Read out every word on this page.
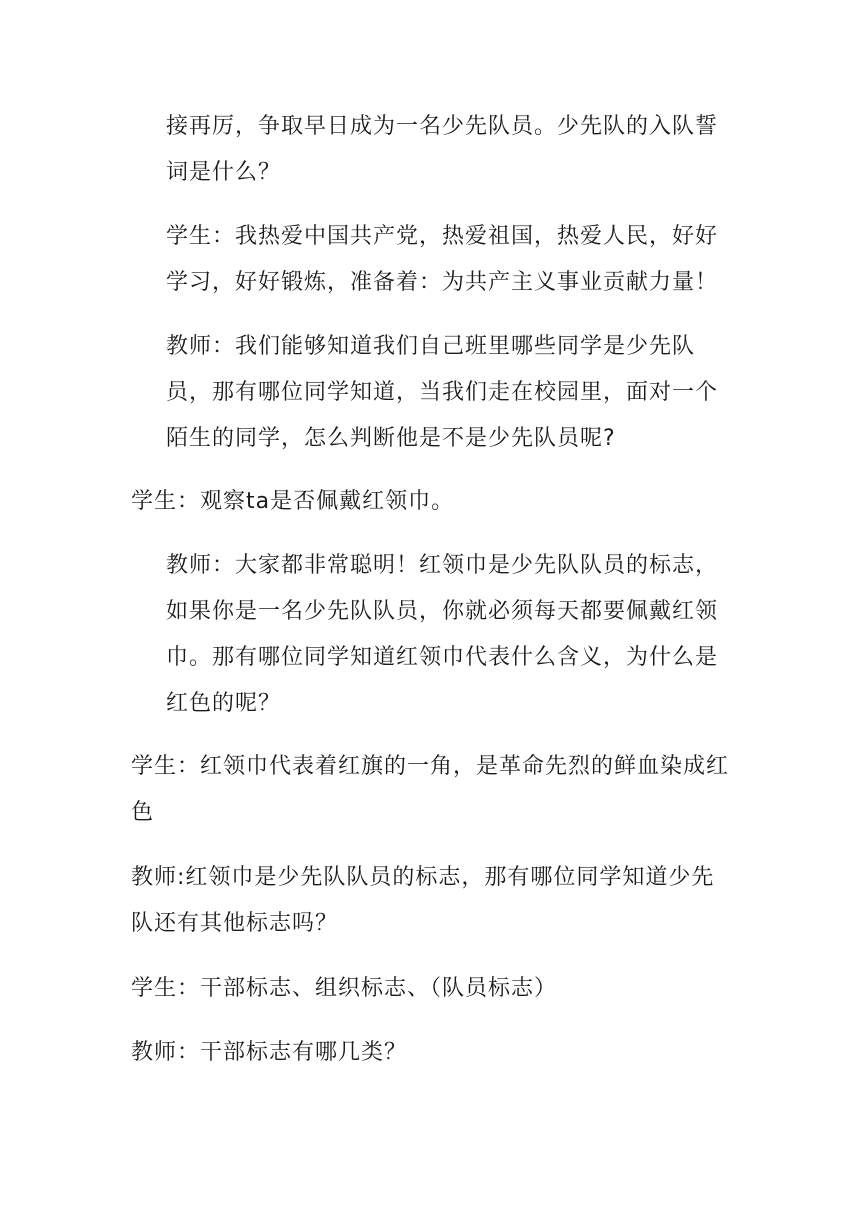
接再厉，争取早日成为一名少先队员。少先队的入队誓词是什么？

学生：我热爱中国共产党，热爱祖国，热爱人民，好好学习，好好锻炼，准备着：为共产主义事业贡献力量！

教师：我们能够知道我们自己班里哪些同学是少先队员，那有哪位同学知道，当我们走在校园里，面对一个陌生的同学，怎么判断他是不是少先队员呢?

学生：观察ta是否佩戴红领巾。

教师：大家都非常聪明！红领巾是少先队队员的标志，如果你是一名少先队队员，你就必须每天都要佩戴红领巾。那有哪位同学知道红领巾代表什么含义，为什么是红色的呢？

学生：红领巾代表着红旗的一角，是革命先烈的鲜血染成红色

教师:红领巾是少先队队员的标志，那有哪位同学知道少先队还有其他标志吗？

学生：干部标志、组织标志、（队员标志）

教师：干部标志有哪几类？
